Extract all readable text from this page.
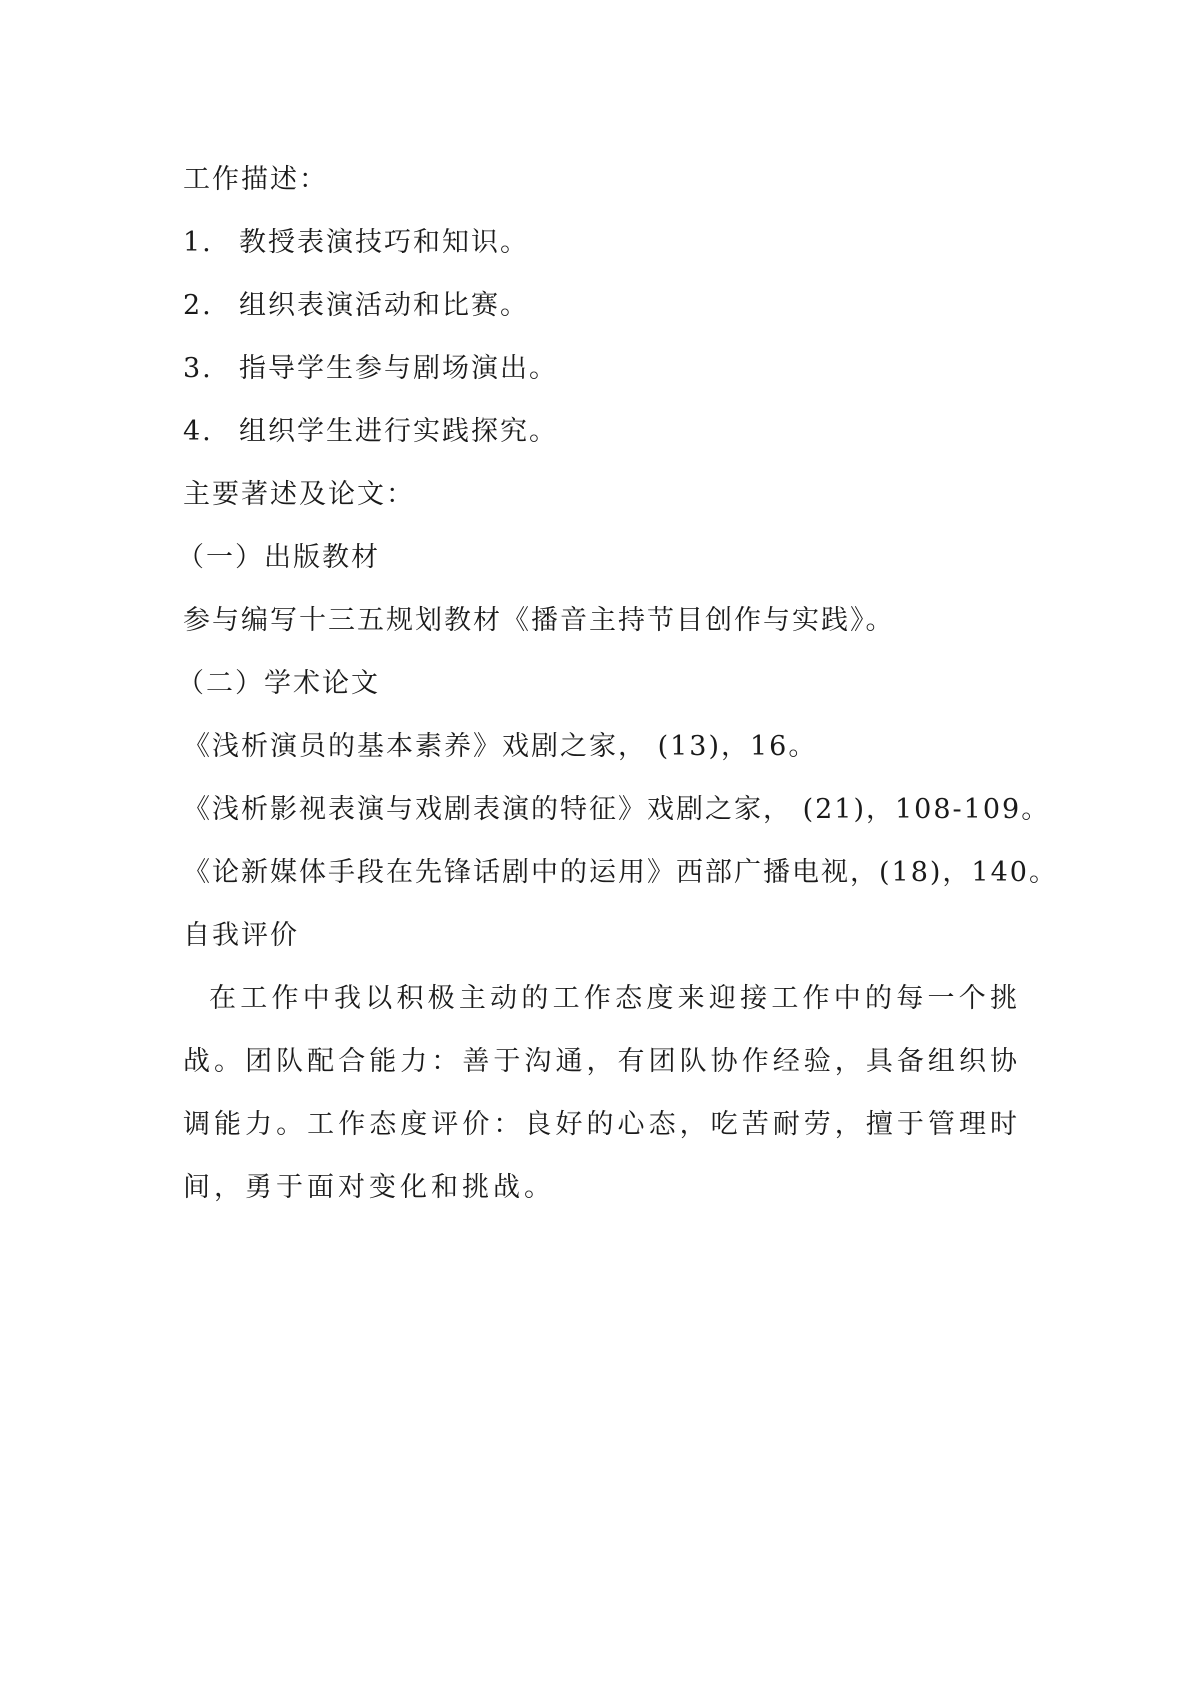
工作描述：
1. 教授表演技巧和知识。
2. 组织表演活动和比赛。
3. 指导学生参与剧场演出。
4. 组织学生进行实践探究。
主要著述及论文：
（一）出版教材
参与编写十三五规划教材《播音主持节目创作与实践》。
（二）学术论文
《浅析演员的基本素养》戏剧之家， (13)，16。
《浅析影视表演与戏剧表演的特征》戏剧之家， (21)，108-109。
《论新媒体手段在先锋话剧中的运用》西部广播电视，(18)，140。
自我评价

在工作中我以积极主动的工作态度来迎接工作中的每一个挑战。团队配合能力：善于沟通，有团队协作经验，具备组织协调能力。工作态度评价：良好的心态，吃苦耐劳，擅于管理时间，勇于面对变化和挑战。
